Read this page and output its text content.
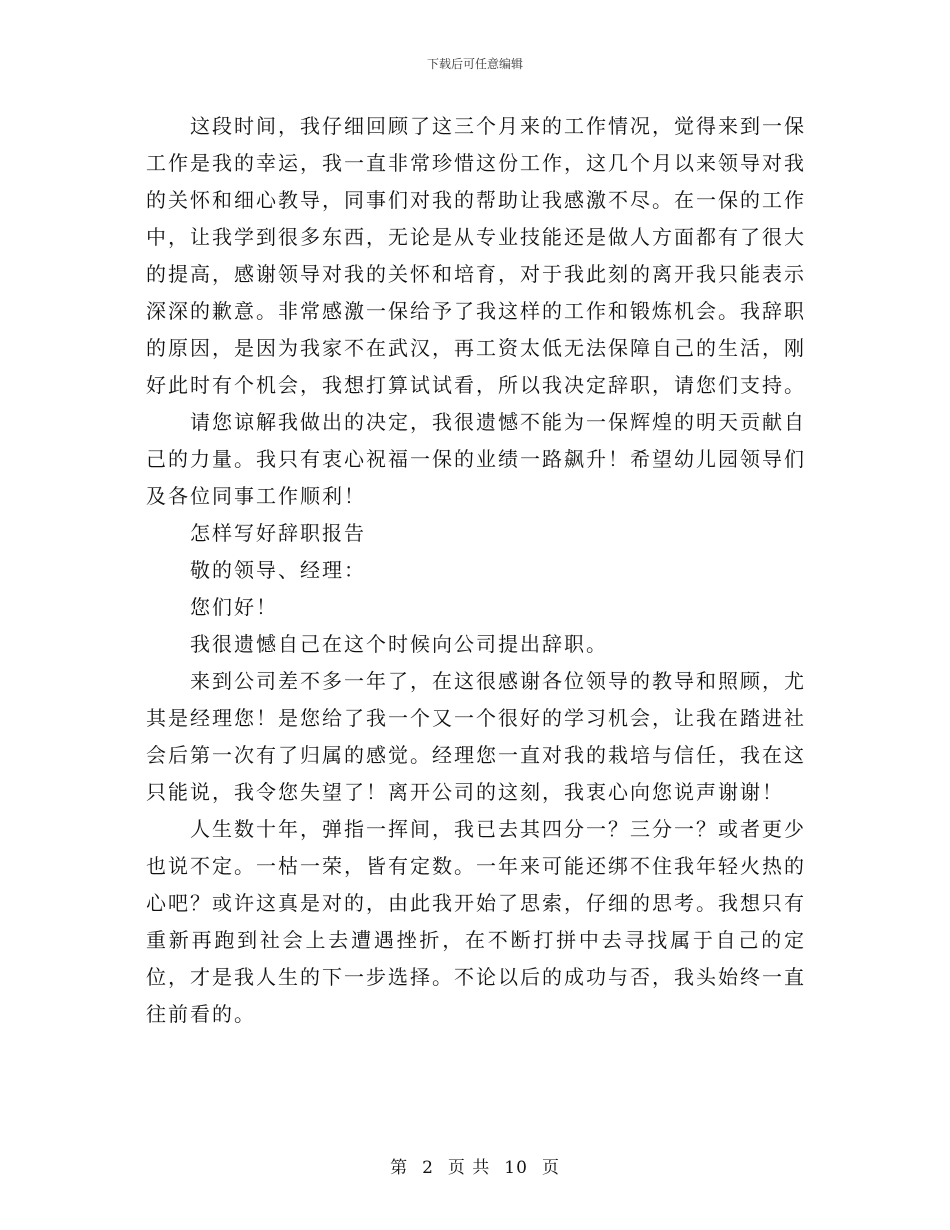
下载后可任意编辑

这段时间，我仔细回顾了这三个月来的工作情况，觉得来到一保工作是我的幸运，我一直非常珍惜这份工作，这几个月以来领导对我的关怀和细心教导，同事们对我的帮助让我感激不尽。在一保的工作中，让我学到很多东西，无论是从专业技能还是做人方面都有了很大的提高，感谢领导对我的关怀和培育，对于我此刻的离开我只能表示深深的歉意。非常感激一保给予了我这样的工作和锻炼机会。我辞职的原因，是因为我家不在武汉，再工资太低无法保障自己的生活，刚好此时有个机会，我想打算试试看，所以我决定辞职，请您们支持。

请您谅解我做出的决定，我很遗憾不能为一保辉煌的明天贡献自己的力量。我只有衷心祝福一保的业绩一路飙升！希望幼儿园领导们及各位同事工作顺利！

怎样写好辞职报告

敬的领导、经理：

您们好！

我很遗憾自己在这个时候向公司提出辞职。

来到公司差不多一年了，在这很感谢各位领导的教导和照顾，尤其是经理您！是您给了我一个又一个很好的学习机会，让我在踏进社会后第一次有了归属的感觉。经理您一直对我的栽培与信任，我在这只能说，我令您失望了！离开公司的这刻，我衷心向您说声谢谢！

人生数十年，弹指一挥间，我已去其四分一？三分一？或者更少也说不定。一枯一荣，皆有定数。一年来可能还绑不住我年轻火热的心吧？或许这真是对的，由此我开始了思索，仔细的思考。我想只有重新再跑到社会上去遭遇挫折，在不断打拼中去寻找属于自己的定位，才是我人生的下一步选择。不论以后的成功与否，我头始终一直往前看的。

第 2 页 共 10 页
